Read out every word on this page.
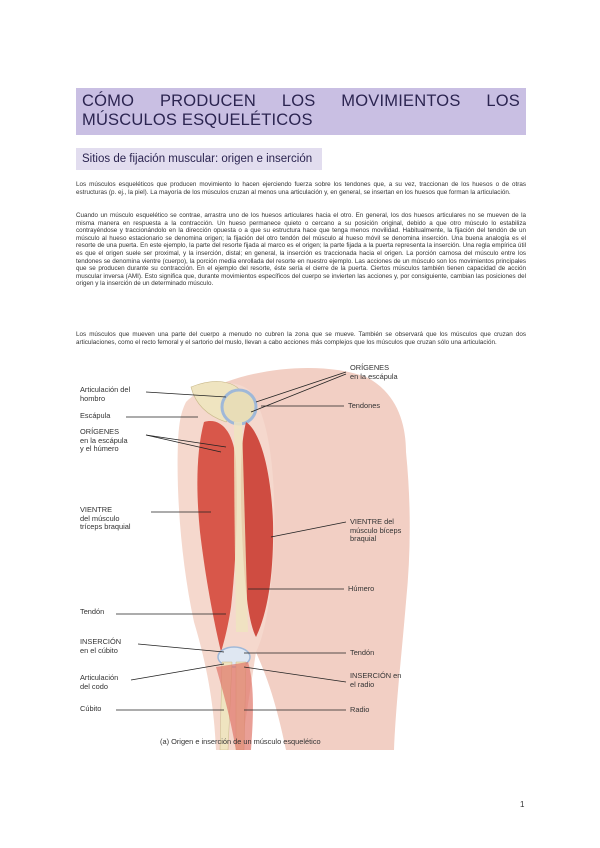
CÓMO PRODUCEN LOS MOVIMIENTOS LOS MÚSCULOS ESQUELÉTICOS
Sitios de fijación muscular: origen e inserción

Los músculos esqueléticos que producen movimiento lo hacen ejerciendo fuerza sobre los tendones que, a su vez, traccionan de los huesos o de otras estructuras (p. ej., la piel). La mayoría de los músculos cruzan al menos una articulación y, en general, se insertan en los huesos que forman la articulación.

Cuando un músculo esquelético se contrae, arrastra uno de los huesos articulares hacia el otro. En general, los dos huesos articulares no se mueven de la misma manera en respuesta a la contracción. Un hueso permanece quieto o cercano a su posición original, debido a que otro músculo lo estabiliza contrayéndose y traccionándolo en la dirección opuesta o a que su estructura hace que tenga menos movilidad. Habitualmente, la fijación del tendón de un músculo al hueso estacionario se denomina origen; la fijación del otro tendón del músculo al hueso móvil se denomina inserción. Una buena analogía es el resorte de una puerta. En este ejemplo, la parte del resorte fijada al marco es el origen; la parte fijada a la puerta representa la inserción. Una regla empírica útil es que el origen suele ser proximal, y la inserción, distal; en general, la inserción es traccionada hacia el origen. La porción carnosa del músculo entre los tendones se denomina vientre (cuerpo), la porción media enrollada del resorte en nuestro ejemplo. Las acciones de un músculo son los movimientos principales que se producen durante su contracción. En el ejemplo del resorte, éste sería el cierre de la puerta. Ciertos músculos también tienen capacidad de acción muscular inversa (AMI). Esto significa que, durante movimientos específicos del cuerpo se invierten las acciones y, por consiguiente, cambian las posiciones del origen y la inserción de un determinado músculo.

Los músculos que mueven una parte del cuerpo a menudo no cubren la zona que se mueve. También se observará que los músculos que cruzan dos articulaciones, como el recto femoral y el sartorio del muslo, llevan a cabo acciones más complejos que los músculos que cruzan sólo una articulación.

Articulación del
hombro
Escápula
ORÍGENES
en la escápula
y el húmero
VIENTRE
del músculo
tríceps braquial
Tendón
INSERCIÓN
en el cúbito
Articulación
del codo
Cúbito
ORÍGENES
en la escápula
Tendones
VIENTRE del
músculo bíceps
braquial
Húmero
Tendón
INSERCIÓN en
el radio
Radio
(a) Origen e inserción de un músculo esquelético
1
